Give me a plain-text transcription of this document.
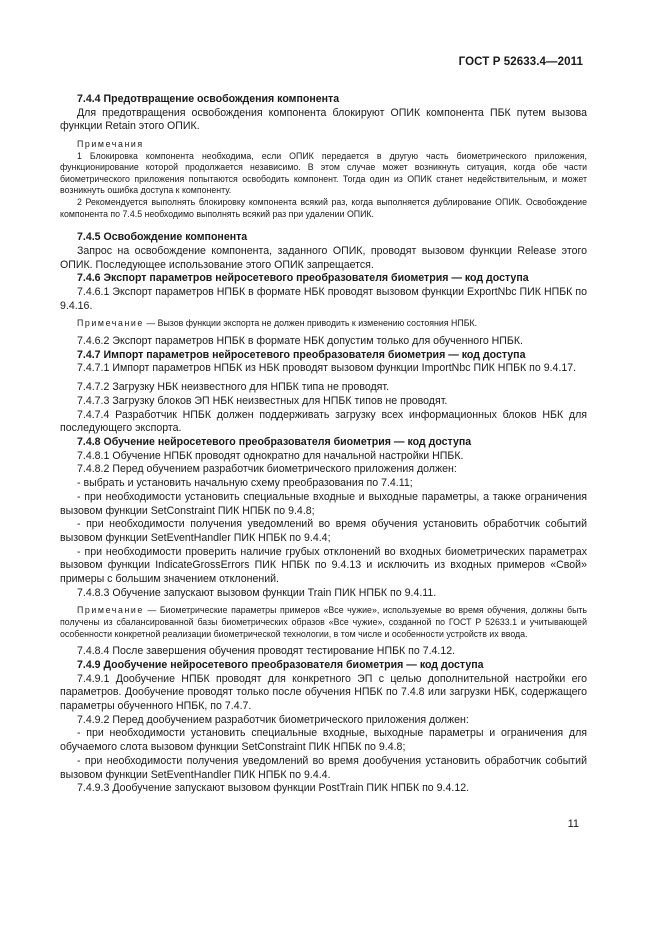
ГОСТ Р 52633.4—2011

7.4.4 Предотвращение освобождения компонента

Для предотвращения освобождения компонента блокируют ОПИК компонента ПБК путем вызова функции Retain этого ОПИК.

Примечания

1 Блокировка компонента необходима, если ОПИК передается в другую часть биометрического приложения, функционирование которой продолжается независимо. В этом случае может возникнуть ситуация, когда обе части биометрического приложения попытаются освободить компонент. Тогда один из ОПИК станет недействительным, и может возникнуть ошибка доступа к компоненту.

2 Рекомендуется выполнять блокировку компонента всякий раз, когда выполняется дублирование ОПИК. Освобождение компонента по 7.4.5 необходимо выполнять всякий раз при удалении ОПИК.

7.4.5 Освобождение компонента

Запрос на освобождение компонента, заданного ОПИК, проводят вызовом функции Release этого ОПИК. Последующее использование этого ОПИК запрещается.

7.4.6 Экспорт параметров нейросетевого преобразователя биометрия — код доступа

7.4.6.1 Экспорт параметров НПБК в формате НБК проводят вызовом функции ExportNbc ПИК НПБК по 9.4.16.

Примечание — Вызов функции экспорта не должен приводить к изменению состояния НПБК.

7.4.6.2 Экспорт параметров НПБК в формате НБК допустим только для обученного НПБК.

7.4.7 Импорт параметров нейросетевого преобразователя биометрия — код доступа

7.4.7.1 Импорт параметров НПБК из НБК проводят вызовом функции ImportNbc ПИК НПБК по 9.4.17.

7.4.7.2 Загрузку НБК неизвестного для НПБК типа не проводят.

7.4.7.3 Загрузку блоков ЭП НБК неизвестных для НПБК типов не проводят.

7.4.7.4 Разработчик НПБК должен поддерживать загрузку всех информационных блоков НБК для последующего экспорта.

7.4.8 Обучение нейросетевого преобразователя биометрия — код доступа

7.4.8.1 Обучение НПБК проводят однократно для начальной настройки НПБК.

7.4.8.2 Перед обучением разработчик биометрического приложения должен:

- выбрать и установить начальную схему преобразования по 7.4.11;

- при необходимости установить специальные входные и выходные параметры, а также ограничения вызовом функции SetConstraint ПИК НПБК по 9.4.8;

- при необходимости получения уведомлений во время обучения установить обработчик событий вызовом функции SetEventHandler ПИК НПБК по 9.4.4;

- при необходимости проверить наличие грубых отклонений во входных биометрических параметрах вызовом функции IndicateGrossErrors ПИК НПБК по 9.4.13 и исключить из входных примеров «Свой» примеры с большим значением отклонений.

7.4.8.3 Обучение запускают вызовом функции Train ПИК НПБК по 9.4.11.

Примечание — Биометрические параметры примеров «Все чужие», используемые во время обучения, должны быть получены из сбалансированной базы биометрических образов «Все чужие», созданной по ГОСТ Р 52633.1 и учитывающей особенности конкретной реализации биометрической технологии, в том числе и особенности устройств их ввода.

7.4.8.4 После завершения обучения проводят тестирование НПБК по 7.4.12.

7.4.9 Дообучение нейросетевого преобразователя биометрия — код доступа

7.4.9.1 Дообучение НПБК проводят для конкретного ЭП с целью дополнительной настройки его параметров. Дообучение проводят только после обучения НПБК по 7.4.8 или загрузки НБК, содержащего параметры обученного НПБК, по 7.4.7.

7.4.9.2 Перед дообучением разработчик биометрического приложения должен:

- при необходимости установить специальные входные, выходные параметры и ограничения для обучаемого слота вызовом функции SetConstraint ПИК НПБК по 9.4.8;

- при необходимости получения уведомлений во время дообучения установить обработчик событий вызовом функции SetEventHandler ПИК НПБК по 9.4.4.

7.4.9.3 Дообучение запускают вызовом функции PostTrain ПИК НПБК по 9.4.12.

11
